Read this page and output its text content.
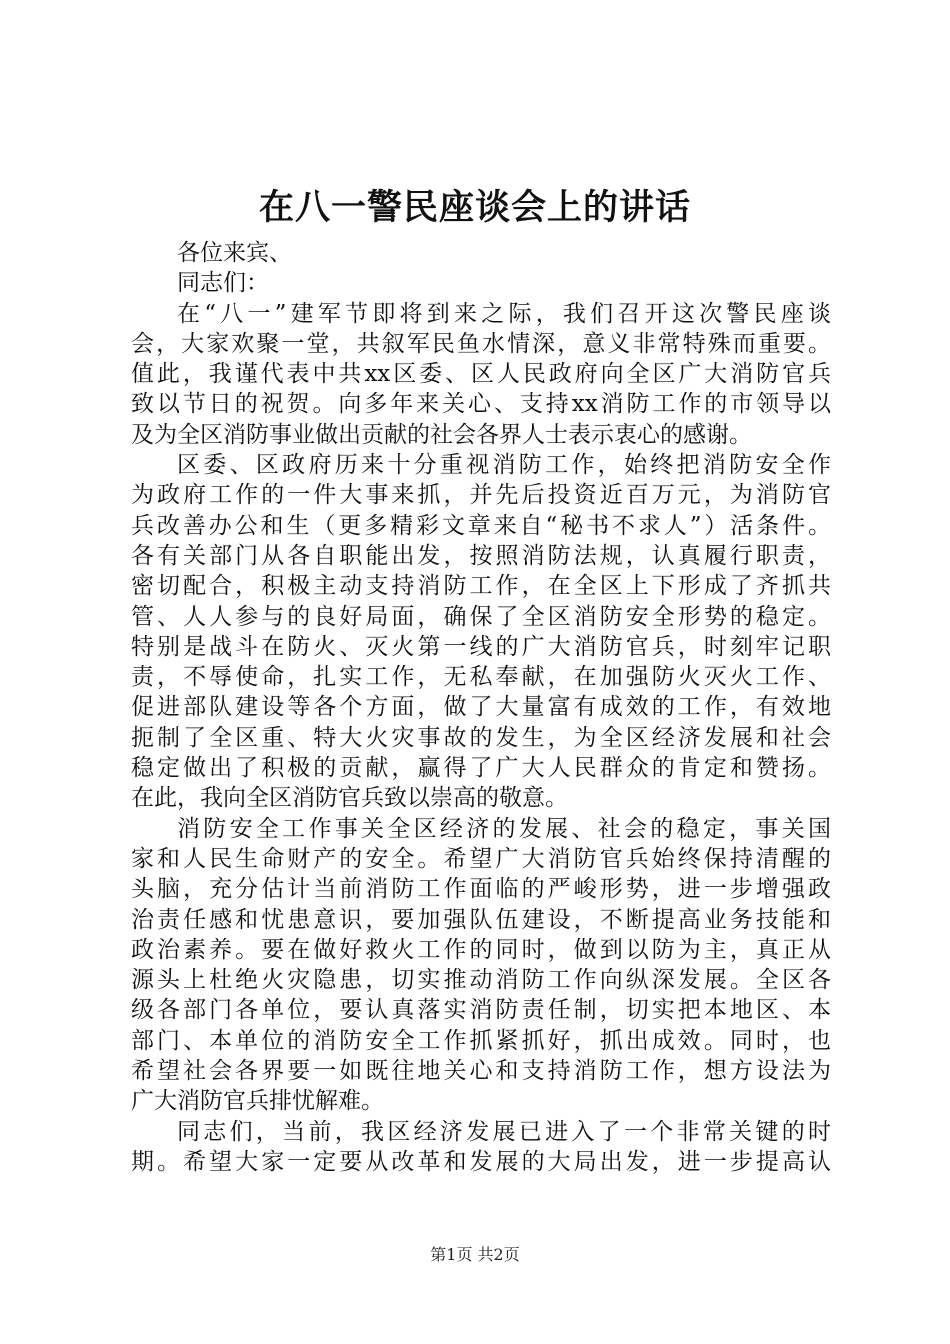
在八一警民座谈会上的讲话

各位来宾、

同志们：

在“八一”建军节即将到来之际，我们召开这次警民座谈

会，大家欢聚一堂，共叙军民鱼水情深，意义非常特殊而重要。

值此，我谨代表中共xx区委、区人民政府向全区广大消防官兵

致以节日的祝贺。向多年来关心、支持xx消防工作的市领导以

及为全区消防事业做出贡献的社会各界人士表示衷心的感谢。

区委、区政府历来十分重视消防工作，始终把消防安全作

为政府工作的一件大事来抓，并先后投资近百万元，为消防官

兵改善办公和生（更多精彩文章来自“秘书不求人”）活条件。

各有关部门从各自职能出发，按照消防法规，认真履行职责，

密切配合，积极主动支持消防工作，在全区上下形成了齐抓共

管、人人参与的良好局面，确保了全区消防安全形势的稳定。

特别是战斗在防火、灭火第一线的广大消防官兵，时刻牢记职

责，不辱使命，扎实工作，无私奉献，在加强防火灭火工作、

促进部队建设等各个方面，做了大量富有成效的工作，有效地

扼制了全区重、特大火灾事故的发生，为全区经济发展和社会

稳定做出了积极的贡献，赢得了广大人民群众的肯定和赞扬。

在此，我向全区消防官兵致以崇高的敬意。

消防安全工作事关全区经济的发展、社会的稳定，事关国

家和人民生命财产的安全。希望广大消防官兵始终保持清醒的

头脑，充分估计当前消防工作面临的严峻形势，进一步增强政

治责任感和忧患意识，要加强队伍建设，不断提高业务技能和

政治素养。要在做好救火工作的同时，做到以防为主，真正从

源头上杜绝火灾隐患，切实推动消防工作向纵深发展。全区各

级各部门各单位，要认真落实消防责任制，切实把本地区、本

部门、本单位的消防安全工作抓紧抓好，抓出成效。同时，也

希望社会各界要一如既往地关心和支持消防工作，想方设法为

广大消防官兵排忧解难。

同志们，当前，我区经济发展已进入了一个非常关键的时

期。希望大家一定要从改革和发展的大局出发，进一步提高认

第1页 共2页
